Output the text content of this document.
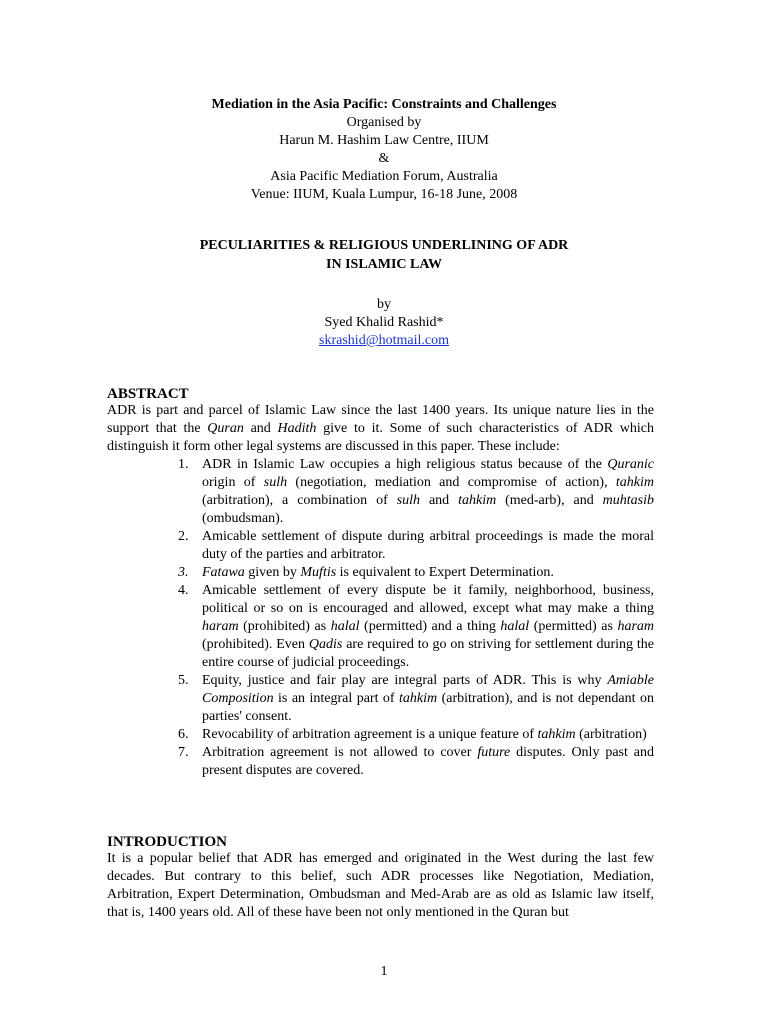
Mediation in the Asia Pacific: Constraints and Challenges
Organised by
Harun M. Hashim Law Centre, IIUM
&
Asia Pacific Mediation Forum, Australia
Venue: IIUM, Kuala Lumpur, 16-18 June, 2008
PECULIARITIES & RELIGIOUS UNDERLINING OF ADR
IN ISLAMIC LAW
by
Syed Khalid Rashid*
skrashid@hotmail.com
ABSTRACT
ADR is part and parcel of Islamic Law since the last 1400 years. Its unique nature lies in the support that the Quran and Hadith give to it. Some of such characteristics of ADR which distinguish it form other legal systems are discussed in this paper. These include:
1. ADR in Islamic Law occupies a high religious status because of the Quranic origin of sulh (negotiation, mediation and compromise of action), tahkim (arbitration), a combination of sulh and tahkim (med-arb), and muhtasib (ombudsman).
2. Amicable settlement of dispute during arbitral proceedings is made the moral duty of the parties and arbitrator.
3. Fatawa given by Muftis is equivalent to Expert Determination.
4. Amicable settlement of every dispute be it family, neighborhood, business, political or so on is encouraged and allowed, except what may make a thing haram (prohibited) as halal (permitted) and a thing halal (permitted) as haram (prohibited). Even Qadis are required to go on striving for settlement during the entire course of judicial proceedings.
5. Equity, justice and fair play are integral parts of ADR. This is why Amiable Composition is an integral part of tahkim (arbitration), and is not dependant on parties' consent.
6. Revocability of arbitration agreement is a unique feature of tahkim (arbitration)
7. Arbitration agreement is not allowed to cover future disputes. Only past and present disputes are covered.
INTRODUCTION
It is a popular belief that ADR has emerged and originated in the West during the last few decades. But contrary to this belief, such ADR processes like Negotiation, Mediation, Arbitration, Expert Determination, Ombudsman and Med-Arab are as old as Islamic law itself, that is, 1400 years old. All of these have been not only mentioned in the Quran but
1
